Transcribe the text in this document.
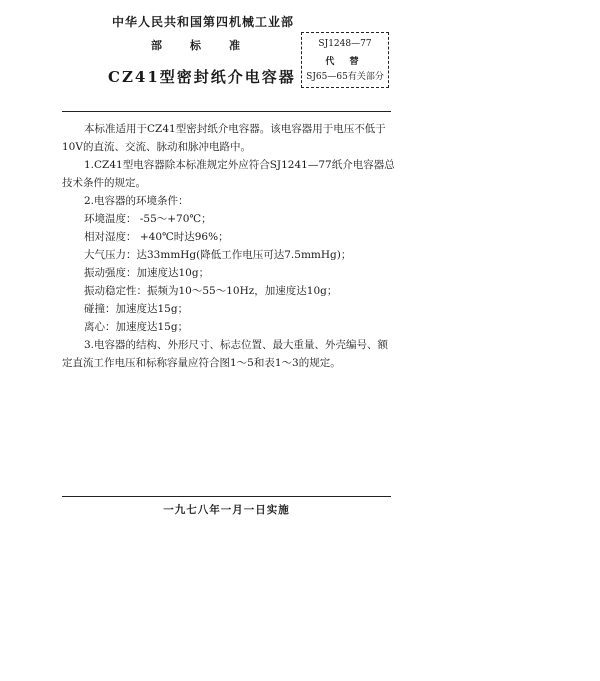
中华人民共和国第四机械工业部
部	标	准
CZ41型密封纸介电容器
SJ1248—77
代 替
SJ65—65有关部分

本标准适用于CZ41型密封纸介电容器。该电容器用于电压不低于10V的直流、交流、脉动和脉冲电路中。

1.CZ41型电容器除本标准规定外应符合SJ1241—77纸介电容器总技术条件的规定。

2.电容器的环境条件：

环境温度： -55～+70℃；
相对湿度： +40℃时达96%；
大气压力：达33mmHg(降低工作电压可达7.5mmHg)；
振动强度：加速度达10g；
振动稳定性：振频为10～55～10Hz，加速度达10g；
碰撞：加速度达15g；
离心：加速度达15g；

3.电容器的结构、外形尺寸、标志位置、最大重量、外壳编号、额定直流工作电压和标称容量应符合图1～5和表1～3的规定。

一九七八年一月一日实施
